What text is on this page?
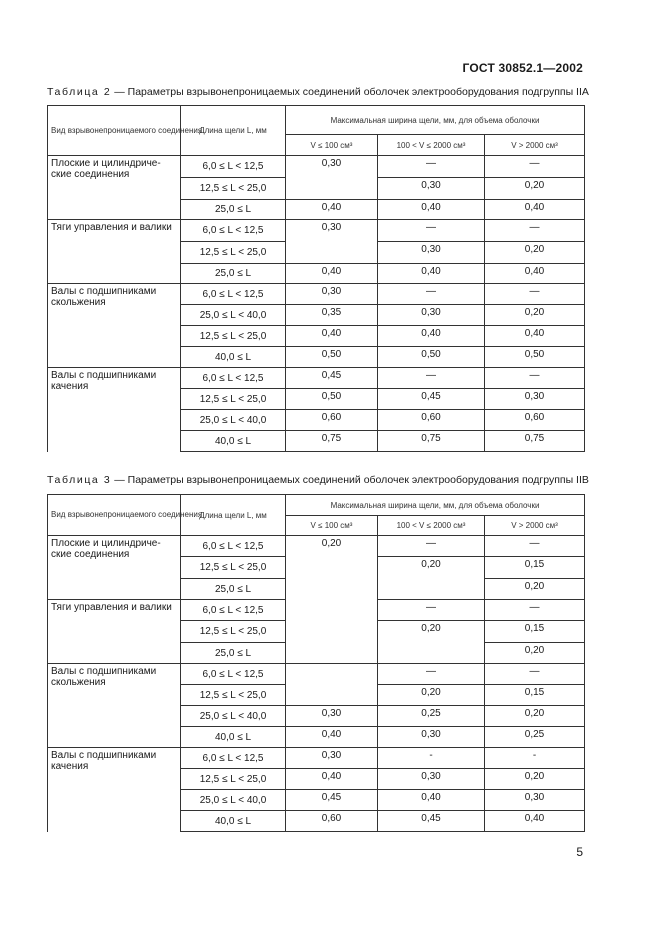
ГОСТ 30852.1—2002
Таблица 2 — Параметры взрывонепроницаемых соединений оболочек электрооборудования подгруппы IIA
Вид взрывонепроницаемого соединения	Длина щели L, мм	Максимальная ширина щели, мм, для объема оболочки		
		V ≤ 100 см³	100 < V ≤ 2000 см³	V > 2000 см³
Плоские и цилиндриче-ские соединения	6,0 ≤ L < 12,5	0,30	—	—
	12,5 ≤ L < 25,0		0,30	0,20
	25,0 ≤ L	0,40	0,40	0,40
Тяги управления и валики	6,0 ≤ L < 12,5	0,30	—	—
	12,5 ≤ L < 25,0		0,30	0,20
	25,0 ≤ L	0,40	0,40	0,40
Валы с подшипниками скольжения	6,0 ≤ L < 12,5	0,30	—	—
	25,0 ≤ L < 40,0	0,35	0,30	0,20
	12,5 ≤ L < 25,0	0,40	0,40	0,40
	40,0 ≤ L	0,50	0,50	0,50
Валы с подшипниками качения	6,0 ≤ L < 12,5	0,45	—	—
	12,5 ≤ L < 25,0	0,50	0,45	0,30
	25,0 ≤ L < 40,0	0,60	0,60	0,60
	40,0 ≤ L	0,75	0,75	0,75
Таблица 3 — Параметры взрывонепроницаемых соединений оболочек электрооборудования подгруппы IIB
Вид взрывонепроницаемого соединения	Длина щели L, мм	Максимальная ширина щели, мм, для объема оболочки		
		V ≤ 100 см³	100 < V ≤ 2000 см³	V > 2000 см³
Плоские и цилиндриче-ские соединения	6,0 ≤ L < 12,5	0,20	—	—
	12,5 ≤ L < 25,0		0,20	0,15
	25,0 ≤ L			0,20
Тяги управления и валики	6,0 ≤ L < 12,5		—	—
	12,5 ≤ L < 25,0		0,20	0,15
	25,0 ≤ L			0,20
Валы с подшипниками скольжения	6,0 ≤ L < 12,5		—	—
	12,5 ≤ L < 25,0		0,20	0,15
	25,0 ≤ L < 40,0	0,30	0,25	0,20
	40,0 ≤ L	0,40	0,30	0,25
Валы с подшипниками качения	6,0 ≤ L < 12,5	0,30	-	-
	12,5 ≤ L < 25,0	0,40	0,30	0,20
	25,0 ≤ L < 40,0	0,45	0,40	0,30
	40,0 ≤ L	0,60	0,45	0,40
5
